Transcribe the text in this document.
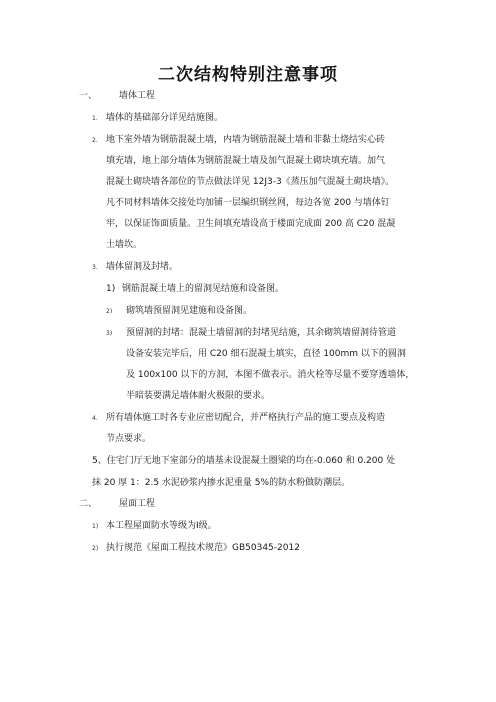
二次结构特别注意事项
一、 墙体工程
1. 墙体的基础部分详见结施图。
2. 地下室外墙为钢筋混凝土墙，内墙为钢筋混凝土墙和非黏土烧结实心砖
填充墙，地上部分墙体为钢筋混凝土墙及加气混凝土砌块填充墙。加气
混凝土砌块墙各部位的节点做法详见 12J3-3《蒸压加气混凝土砌块墙》。
凡不同材料墙体交接处均加铺一层编织钢丝网，每边各宽 200 与墙体钉
牢，以保证饰面质量。卫生间填充墙设高于楼面完成面 200 高 C20 混凝
土墙坎。
3. 墙体留洞及封堵。
1) 钢筋混凝土墙上的留洞见结施和设备图。
2) 砌筑墙预留洞见建施和设备图。
3) 预留洞的封堵：混凝土墙留洞的封堵见结施，其余砌筑墙留洞待管道
设备安装完毕后，用 C20 细石混凝土填实，直径 100mm 以下的圆洞
及 100x100 以下的方洞，本图不做表示。消火栓等尽量不要穿透墙体，
半暗装要满足墙体耐火极限的要求。
4. 所有墙体施工时各专业应密切配合，并严格执行产品的施工要点及构造
节点要求。
5、住宅门厅无地下室部分的墙基未设混凝土圈梁的均在-0.060 和 0.200 处
抹 20 厚 1：2.5 水泥砂浆内掺水泥重量 5%的防水粉做防潮层。
二、 屋面工程
1) 本工程屋面防水等级为Ⅰ级。
2) 执行规范《屋面工程技术规范》GB50345-2012
